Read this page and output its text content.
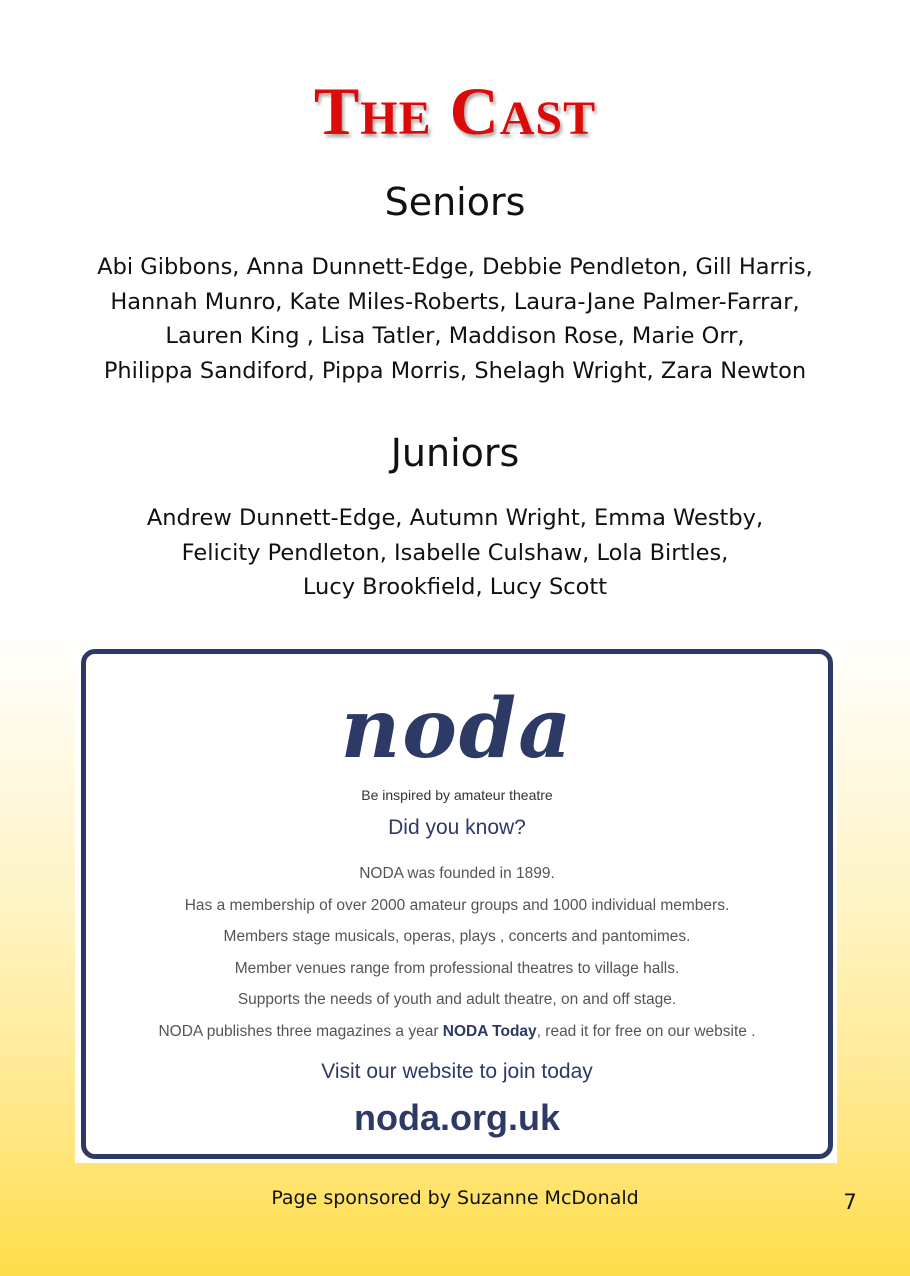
The Cast
Seniors
Abi Gibbons, Anna Dunnett-Edge, Debbie Pendleton, Gill Harris,
Hannah Munro, Kate Miles-Roberts, Laura-Jane Palmer-Farrar,
Lauren King , Lisa Tatler, Maddison Rose, Marie Orr,
Philippa Sandiford, Pippa Morris, Shelagh Wright, Zara Newton
Juniors
Andrew Dunnett-Edge, Autumn Wright, Emma Westby,
Felicity Pendleton, Isabelle Culshaw, Lola Birtles,
Lucy Brookfield, Lucy Scott
noda
Be inspired by amateur theatre
Did you know?
NODA was founded in 1899.
Has a membership of over 2000 amateur groups and 1000 individual members.
Members stage musicals, operas, plays , concerts and pantomimes.
Member venues range from professional theatres to village halls.
Supports the needs of youth and adult theatre, on and off stage.
NODA publishes three magazines a year NODA Today, read it for free on our website .
Visit our website to join today
noda.org.uk
Page sponsored by Suzanne McDonald	7
